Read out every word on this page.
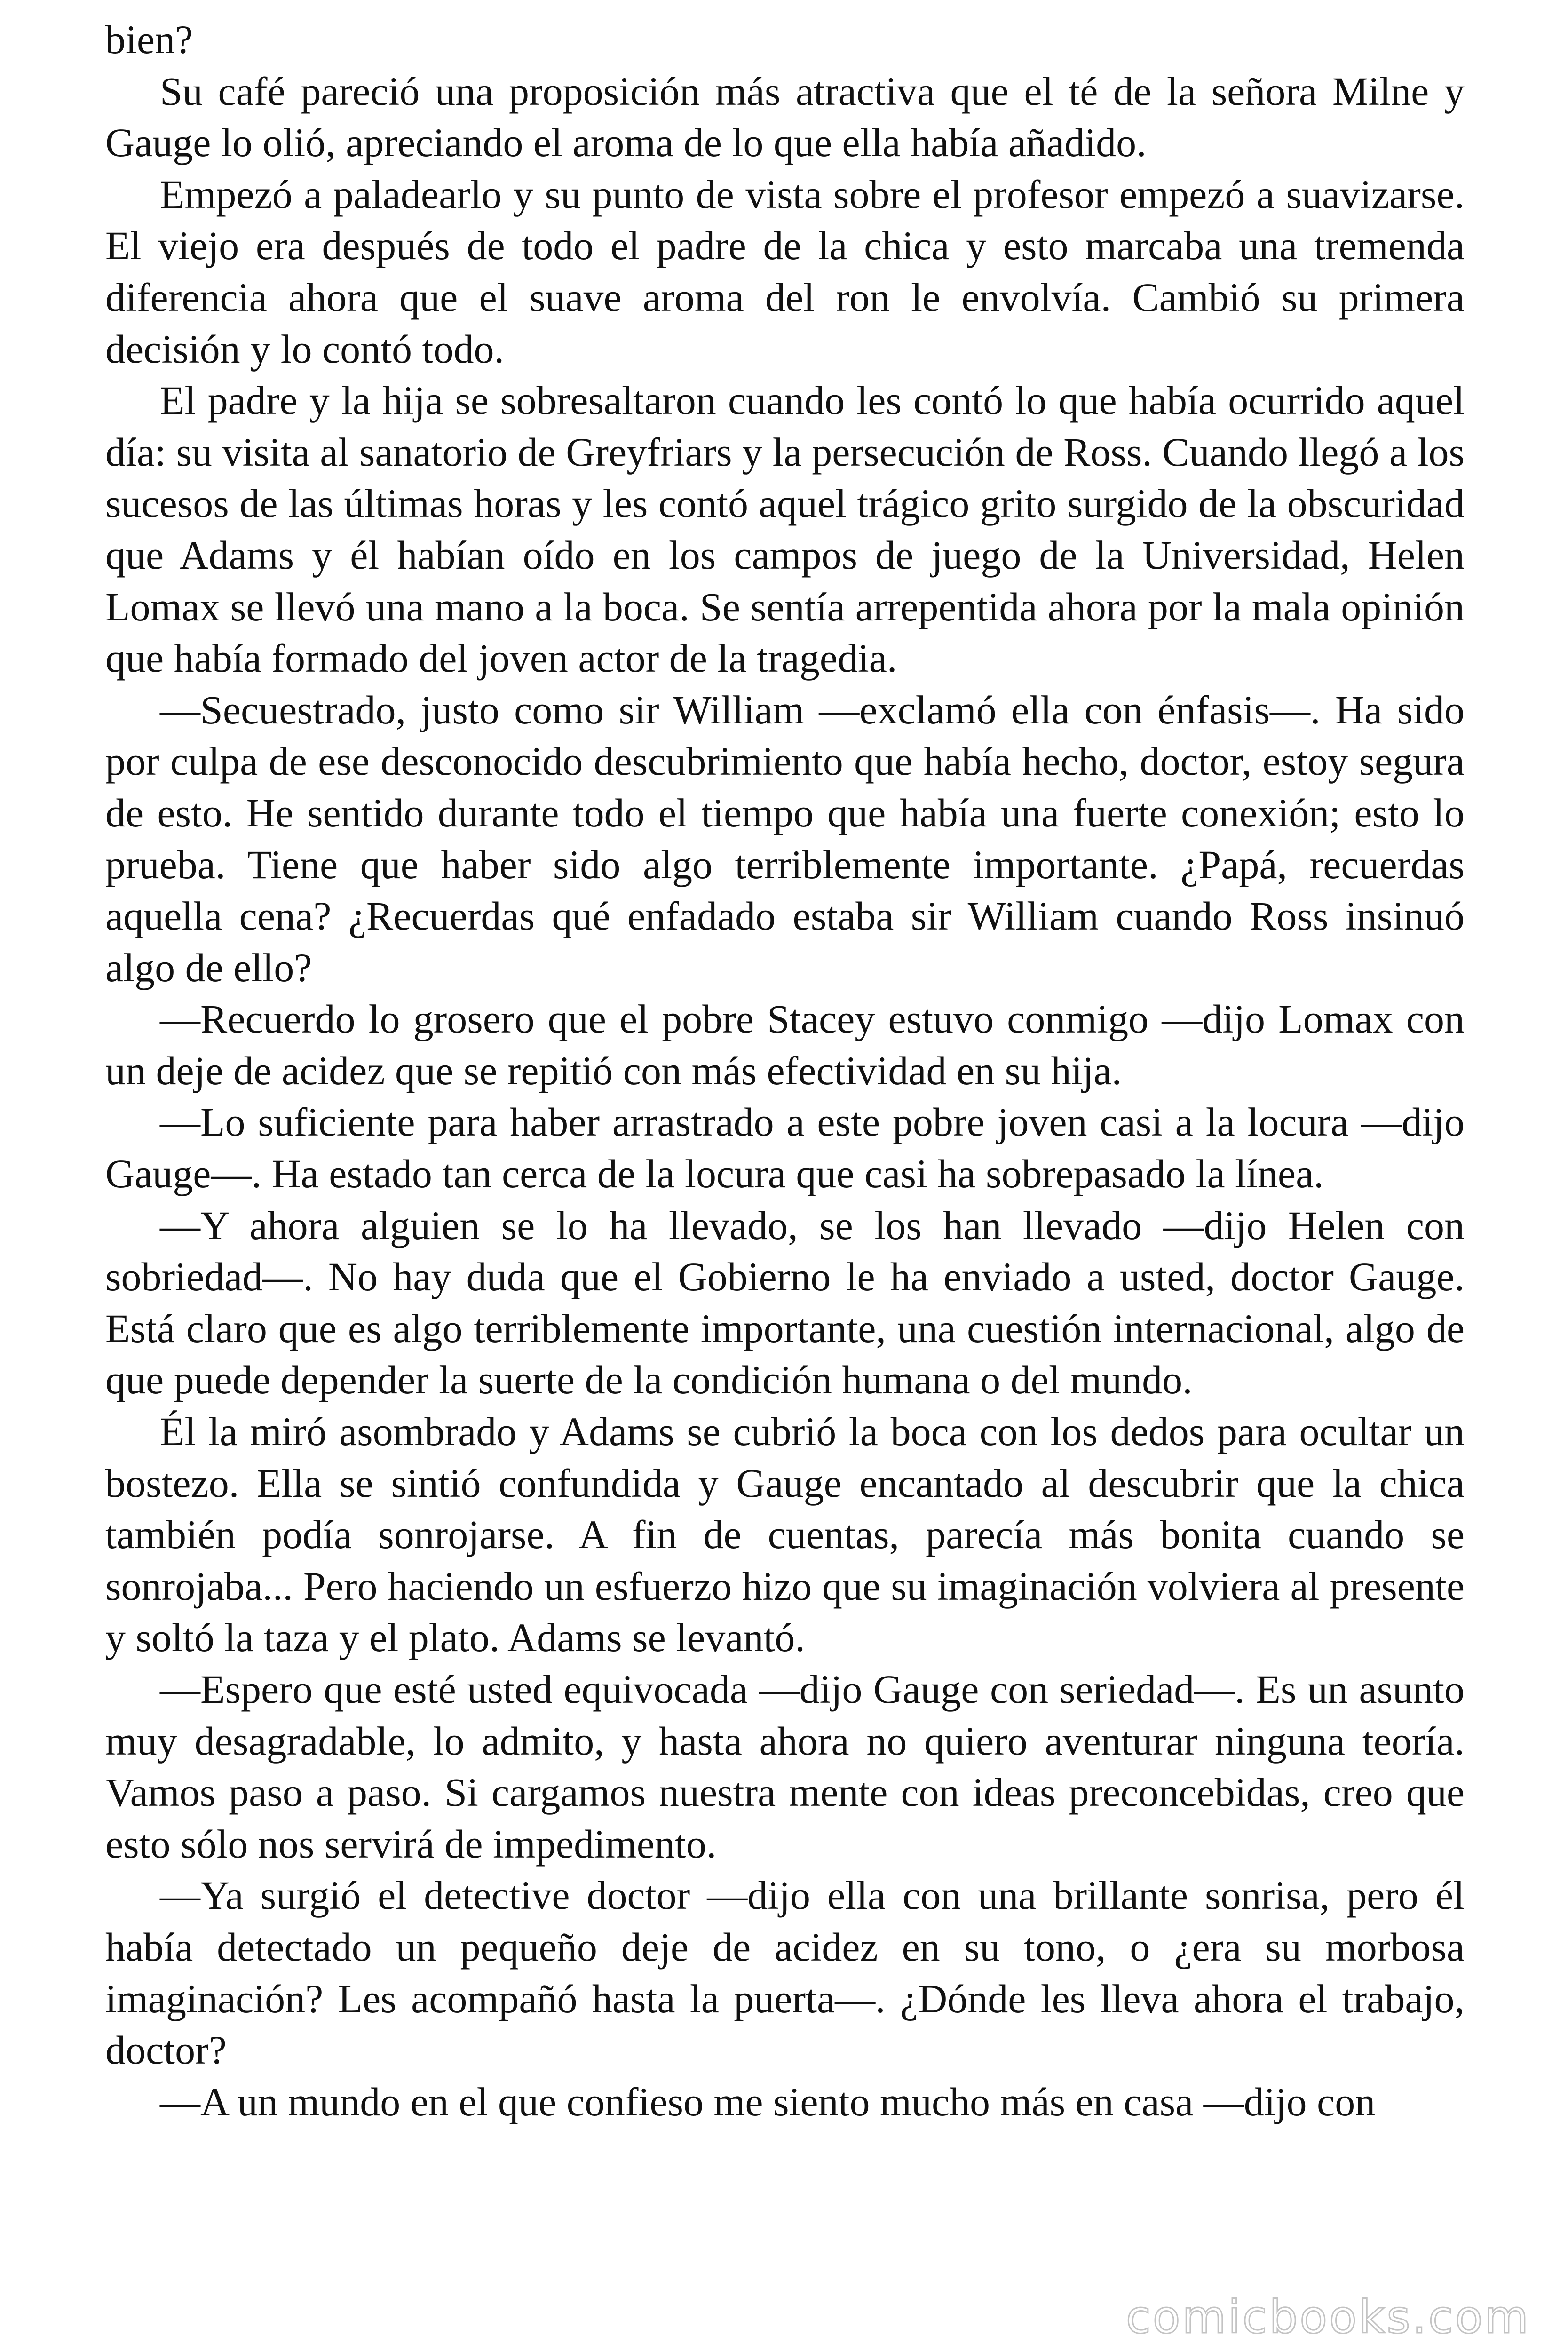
bien?

Su café pareció una proposición más atractiva que el té de la señora Milne y Gauge lo olió, apreciando el aroma de lo que ella había añadido.

Empezó a paladearlo y su punto de vista sobre el profesor empezó a suavizarse. El viejo era después de todo el padre de la chica y esto marcaba una tremenda diferencia ahora que el suave aroma del ron le envolvía. Cambió su primera decisión y lo contó todo.

El padre y la hija se sobresaltaron cuando les contó lo que había ocurrido aquel día: su visita al sanatorio de Greyfriars y la persecución de Ross. Cuando llegó a los sucesos de las últimas horas y les contó aquel trágico grito surgido de la obscuridad que Adams y él habían oído en los campos de juego de la Universidad, Helen Lomax se llevó una mano a la boca. Se sentía arrepentida ahora por la mala opinión que había formado del joven actor de la tragedia.

—Secuestrado, justo como sir William —exclamó ella con énfasis—. Ha sido por culpa de ese desconocido descubrimiento que había hecho, doctor, estoy segura de esto. He sentido durante todo el tiempo que había una fuerte conexión; esto lo prueba. Tiene que haber sido algo terriblemente importante. ¿Papá, recuerdas aquella cena? ¿Recuerdas qué enfadado estaba sir William cuando Ross insinuó algo de ello?

—Recuerdo lo grosero que el pobre Stacey estuvo conmigo —dijo Lomax con un deje de acidez que se repitió con más efectividad en su hija.

—Lo suficiente para haber arrastrado a este pobre joven casi a la locura —dijo Gauge—. Ha estado tan cerca de la locura que casi ha sobrepasado la línea.

—Y ahora alguien se lo ha llevado, se los han llevado —dijo Helen con sobriedad—. No hay duda que el Gobierno le ha enviado a usted, doctor Gauge. Está claro que es algo terriblemente importante, una cuestión internacional, algo de que puede depender la suerte de la condición humana o del mundo.

Él la miró asombrado y Adams se cubrió la boca con los dedos para ocultar un bostezo. Ella se sintió confundida y Gauge encantado al descubrir que la chica también podía sonrojarse. A fin de cuentas, parecía más bonita cuando se sonrojaba... Pero haciendo un esfuerzo hizo que su imaginación volviera al presente y soltó la taza y el plato. Adams se levantó.

—Espero que esté usted equivocada —dijo Gauge con seriedad—. Es un asunto muy desagradable, lo admito, y hasta ahora no quiero aventurar ninguna teoría. Vamos paso a paso. Si cargamos nuestra mente con ideas preconcebidas, creo que esto sólo nos servirá de impedimento.

—Ya surgió el detective doctor —dijo ella con una brillante sonrisa, pero él había detectado un pequeño deje de acidez en su tono, o ¿era su morbosa imaginación? Les acompañó hasta la puerta—. ¿Dónde les lleva ahora el trabajo, doctor?

—A un mundo en el que confieso me siento mucho más en casa —dijo con

comicbooks.com
